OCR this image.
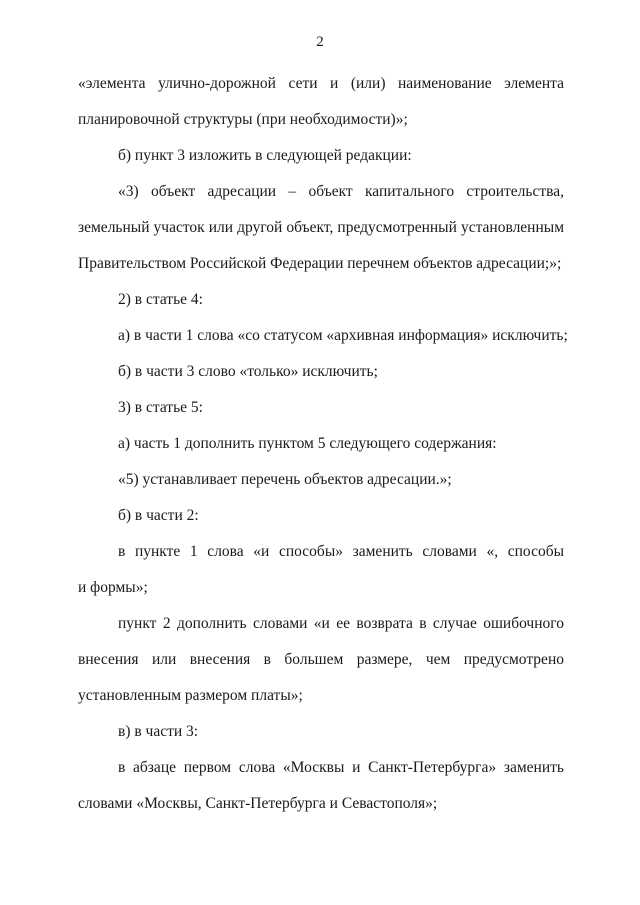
2
«элемента улично-дорожной сети и (или) наименование элемента
планировочной структуры (при необходимости)»;
б) пункт 3 изложить в следующей редакции:
«3) объект адресации – объект капитального строительства,
земельный участок или другой объект, предусмотренный установленным
Правительством Российской Федерации перечнем объектов адресации;»;
2) в статье 4:
а) в части 1 слова «со статусом «архивная информация» исключить;
б) в части 3 слово «только» исключить;
3) в статье 5:
а) часть 1 дополнить пунктом 5 следующего содержания:
«5) устанавливает перечень объектов адресации.»;
б) в части 2:
в пункте 1 слова «и способы» заменить словами «, способы
и формы»;
пункт 2 дополнить словами «и ее возврата в случае ошибочного
внесения или внесения в большем размере, чем предусмотрено
установленным размером платы»;
в) в части 3:
в абзаце первом слова «Москвы и Санкт-Петербурга» заменить
словами «Москвы, Санкт-Петербурга и Севастополя»;
